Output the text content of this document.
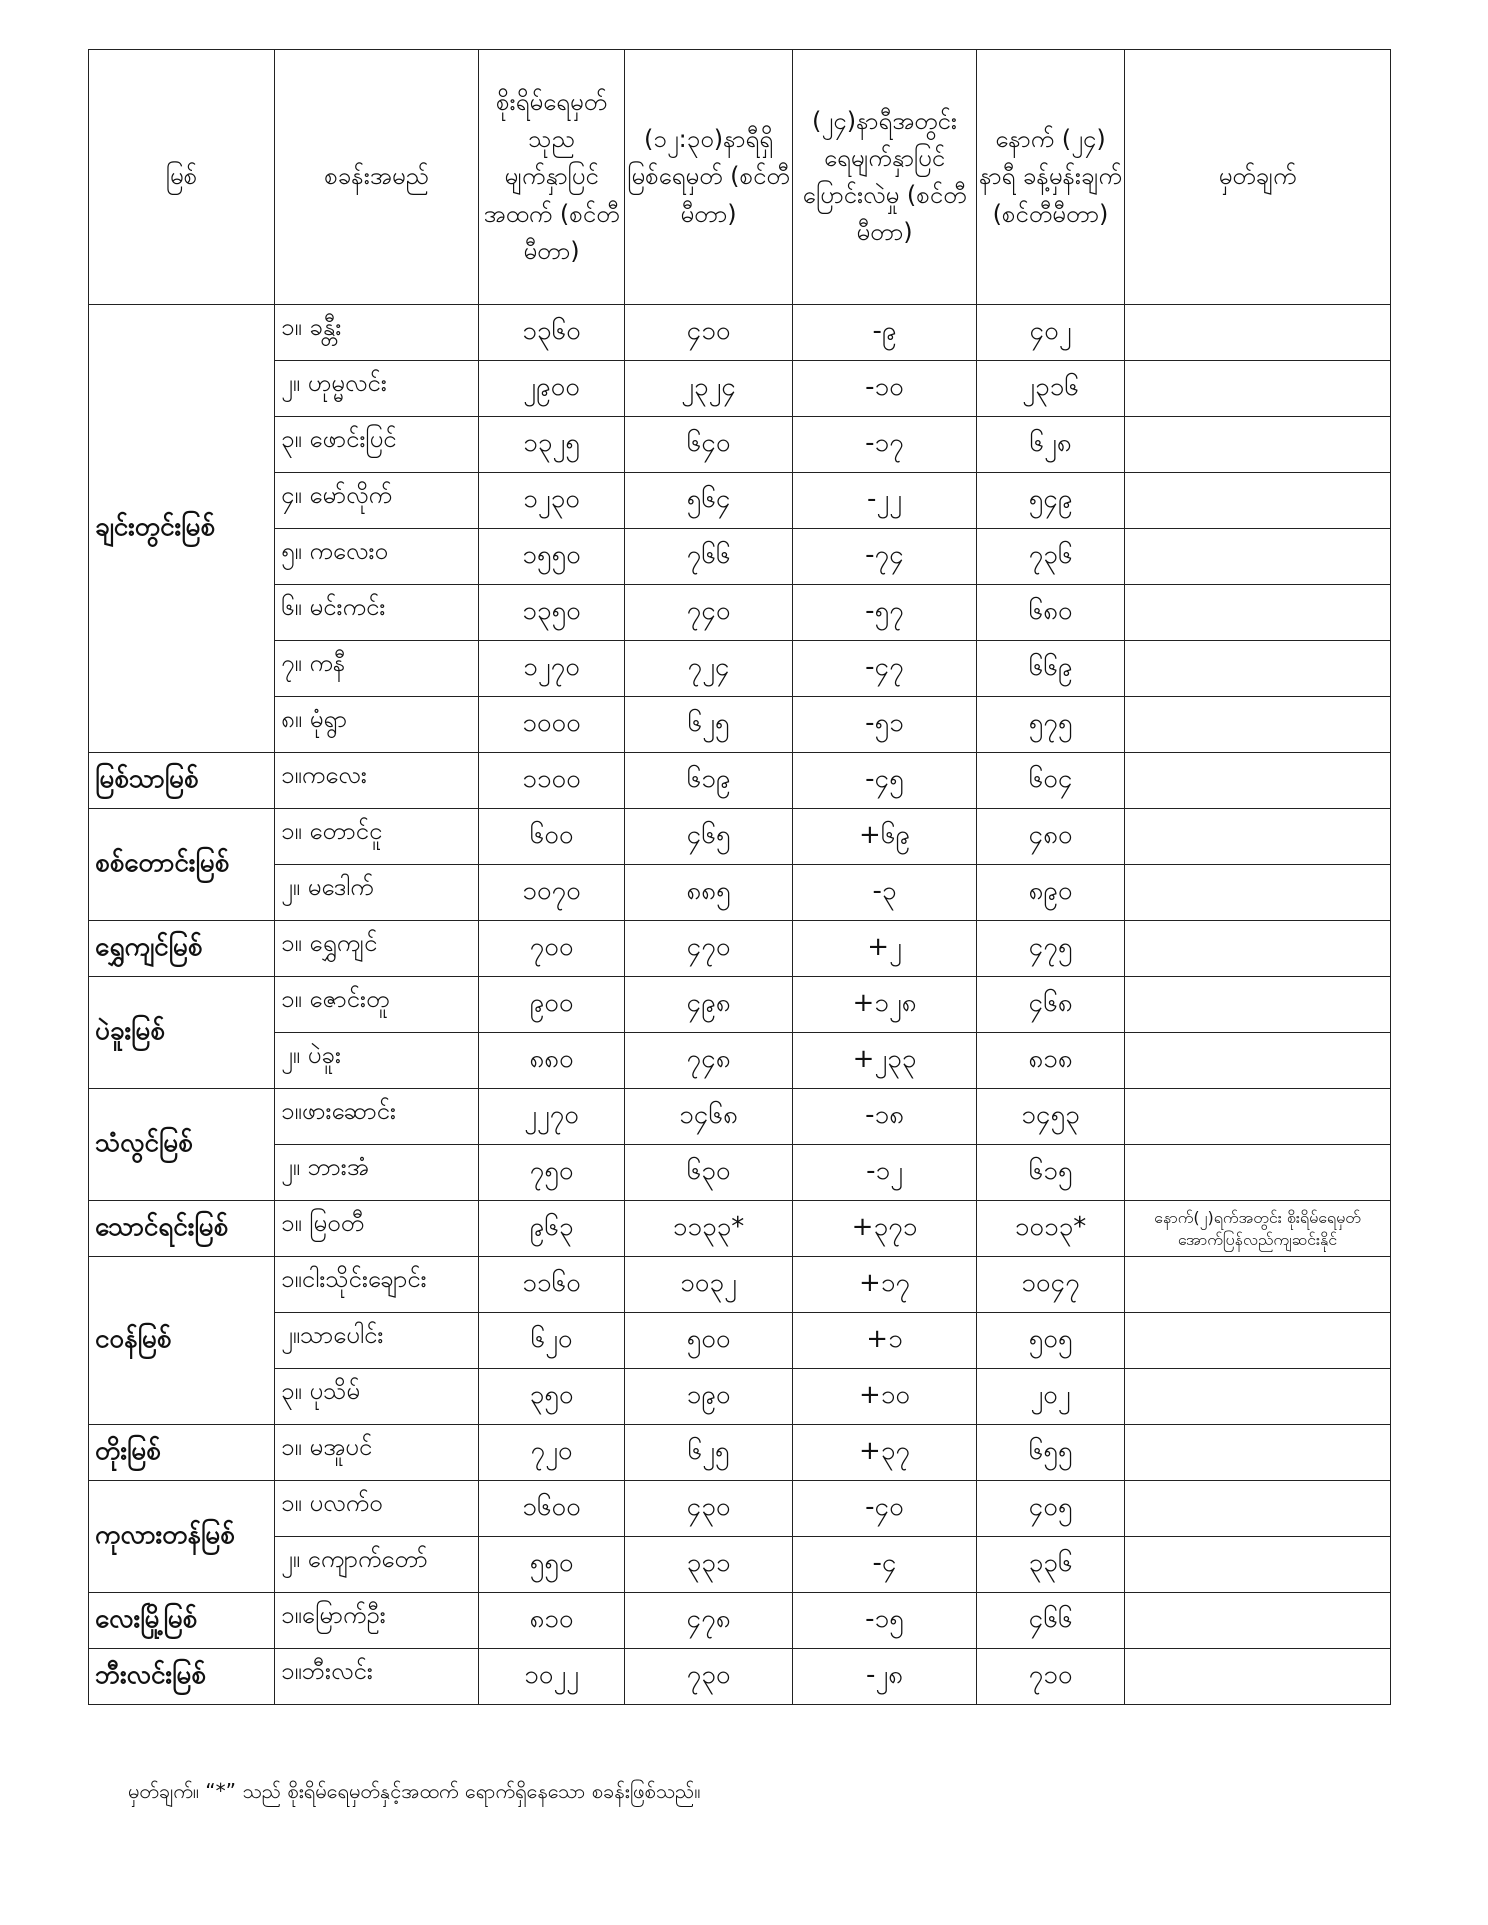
မြစ်	စခန်းအမည်	စိုးရိမ်ရေမှတ် သုည မျက်နှာပြင် အထက် (စင်တီမီတာ)	(၁၂:၃၀)နာရီရှိ မြစ်ရေမှတ် (စင်တီမီတာ)	(၂၄)နာရီအတွင်း ရေမျက်နှာပြင် ပြောင်းလဲမှု (စင်တီမီတာ)	နောက် (၂၄) နာရီ ခန့်မှန်းချက် (စင်တီမီတာ)	မှတ်ချက်
ချင်းတွင်းမြစ်	၁။ ခန္တီး	၁၃၆၀	၄၁၀	-၉	၄၀၂	
	၂။ ဟုမ္မလင်း	၂၉၀၀	၂၃၂၄	-၁၀	၂၃၁၆	
	၃။ ဖောင်းပြင်	၁၃၂၅	၆၄၀	-၁၇	၆၂၈	
	၄။ မော်လိုက်	၁၂၃၀	၅၆၄	-၂၂	၅၄၉	
	၅။ ကလေးဝ	၁၅၅၀	၇၆၆	-၇၄	၇၃၆	
	၆။ မင်းကင်း	၁၃၅၀	၇၄၀	-၅၇	၆၈၀	
	၇။ ကနီ	၁၂၇၀	၇၂၄	-၄၇	၆၆၉	
	၈။ မုံရွာ	၁၀၀၀	၆၂၅	-၅၁	၅၇၅	
မြစ်သာမြစ်	၁။ကလေး	၁၁၀၀	၆၁၉	-၄၅	၆၀၄	
စစ်တောင်းမြစ်	၁။ တောင်ငူ	၆၀၀	၄၆၅	+၆၉	၄၈၀	
	၂။ မဒေါက်	၁၀၇၀	၈၈၅	-၃	၈၉၀	
ရွှေကျင်မြစ်	၁။ ရွှေကျင်	၇၀၀	၄၇၀	+၂	၄၇၅	
ပဲခူးမြစ်	၁။ ဇောင်းတူ	၉၀၀	၄၉၈	+၁၂၈	၄၆၈	
	၂။ ပဲခူး	၈၈၀	၇၄၈	+၂၃၃	၈၁၈	
သံလွင်မြစ်	၁။ဖားဆောင်း	၂၂၇၀	၁၄၆၈	-၁၈	၁၄၅၃	
	၂။ ဘားအံ	၇၅၀	၆၃၀	-၁၂	၆၁၅	
သောင်ရင်းမြစ်	၁။ မြဝတီ	၉၆၃	၁၁၃၃*	+၃၇၁	၁၀၁၃*	နောက်(၂)ရက်အတွင်း စိုးရိမ်ရေမှတ် အောက်ပြန်လည်ကျဆင်းနိုင်
ငဝန်မြစ်	၁။ငါးသိုင်းချောင်း	၁၁၆၀	၁၀၃၂	+၁၇	၁၀၄၇	
	၂။သာပေါင်း	၆၂၀	၅၀၀	+၁	၅၀၅	
	၃။ ပုသိမ်	၃၅၀	၁၉၀	+၁၀	၂၀၂	
တိုးမြစ်	၁။ မအူပင်	၇၂၀	၆၂၅	+၃၇	၆၅၅	
ကုလားတန်မြစ်	၁။ ပလက်ဝ	၁၆၀၀	၄၃၀	-၄၀	၄၀၅	
	၂။ ကျောက်တော်	၅၅၀	၃၃၁	-၄	၃၃၆	
လေးမြို့မြစ်	၁။မြောက်ဦး	၈၁၀	၄၇၈	-၁၅	၄၆၆	
ဘီးလင်းမြစ်	၁။ဘီးလင်း	၁၀၂၂	၇၃၀	-၂၈	၇၁၀	
မှတ်ချက်။ “*” သည် စိုးရိမ်ရေမှတ်နှင့်အထက် ရောက်ရှိနေသော စခန်းဖြစ်သည်။
